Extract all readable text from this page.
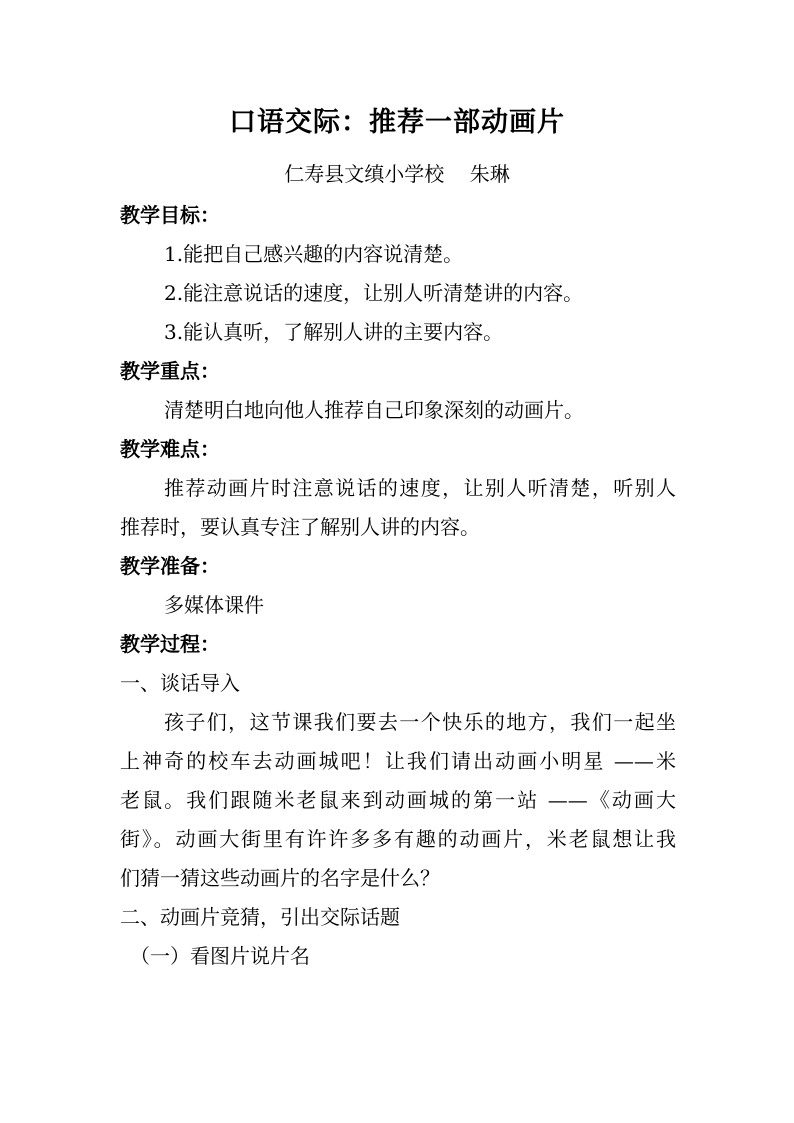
口语交际：推荐一部动画片
仁寿县文缜小学校    朱琳

教学目标：

1.能把自己感兴趣的内容说清楚。

2.能注意说话的速度，让别人听清楚讲的内容。

3.能认真听，了解别人讲的主要内容。

教学重点：

清楚明白地向他人推荐自己印象深刻的动画片。

教学难点：

推荐动画片时注意说话的速度，让别人听清楚，听别人

推荐时，要认真专注了解别人讲的内容。

教学准备：

多媒体课件

教学过程：

一、谈话导入

孩子们，这节课我们要去一个快乐的地方，我们一起坐

上神奇的校车去动画城吧！让我们请出动画小明星 ——米

老鼠。我们跟随米老鼠来到动画城的第一站 ——《动画大

街》。动画大街里有许许多多有趣的动画片，米老鼠想让我

们猜一猜这些动画片的名字是什么？

二、动画片竞猜，引出交际话题

（一）看图片说片名
